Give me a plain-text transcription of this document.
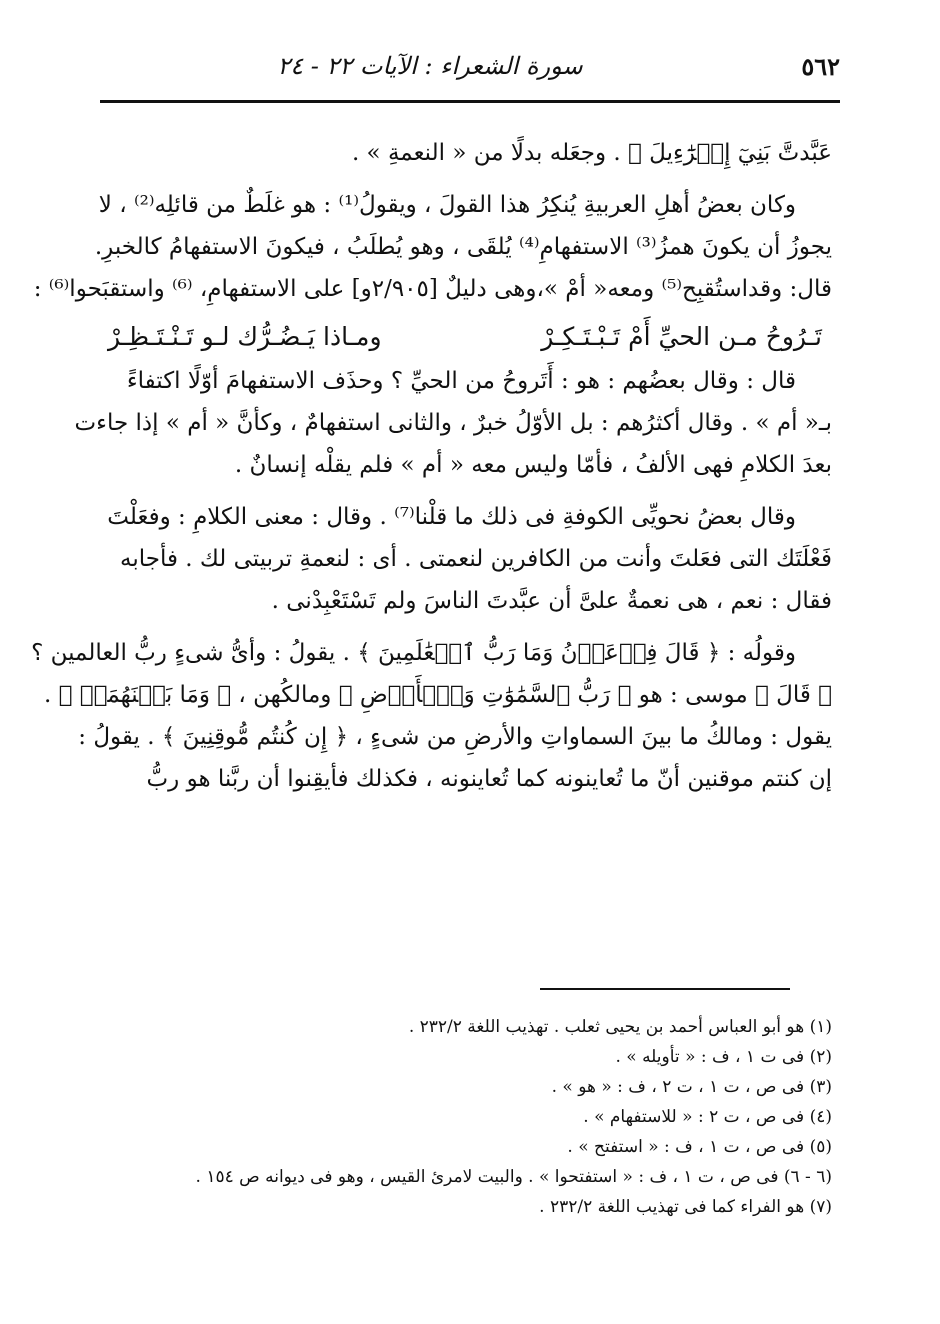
٥٦٢
سورة الشعراء : الآيات ٢٢ - ٢٤

عَبَّدتَّ بَنِيٓ إِسۡرَٰٓءِيلَ ﴾ . وجعَله بدلًا من « النعمةِ » .

وكان بعضُ أهلِ العربيةِ يُنكِرُ هذا القولَ ، ويقولُ⁽¹⁾ : هو غلَطٌ من قائلِه⁽²⁾ ، لا
يجوزُ أن يكونَ همزُ⁽³⁾ الاستفهامِ⁽⁴⁾ يُلقَى ، وهو يُطلَبُ ، فيكونَ الاستفهامُ كالخبرِ.
قال: وقداستُقبِح⁽⁵⁾ ومعه« أمْ »،وهى دليلٌ [٢/٩٠٥و] على الاستفهامِ، ⁽⁶⁾ واستقبَحوا⁽⁶⁾ :

تَـرُوحُ مـن الحيِّ أَمْ تَـبْـتَـكِـرْ
ومـاذا يَـضُـرُّك لـو تَـنْـتَـظِـرْ

قال : وقال بعضُهم : هو : أَتَروحُ من الحيِّ ؟ وحذَف الاستفهامَ أوّلًا اكتفاءً
بـ« أم » . وقال أكثرُهم : بل الأوّلُ خبرٌ ، والثانى استفهامٌ ، وكأنَّ « أم » إذا جاءت
بعدَ الكلامِ فهى الألفُ ، فأمّا وليس معه « أم » فلم يقلْه إنسانٌ .

وقال بعضُ نحويِّى الكوفةِ فى ذلك ما قلْنا⁽⁷⁾ . وقال : معنى الكلامِ : وفعَلْتَ
فَعْلَتَك التى فعَلتَ وأنت من الكافرين لنعمتى . أى : لنعمةِ تربيتى لك . فأجابه
فقال : نعم ، هى نعمةٌ علىَّ أن عبَّدتَ الناسَ ولم تَسْتَعْبِدْنى .

وقولُه : ﴿ قَالَ فِرۡعَوۡنُ وَمَا رَبُّ ٱلۡعَٰلَمِينَ ﴾ . يقولُ : وأىُّ شىءٍ ربُّ العالمين ؟
﴿ قَالَ ﴾ موسى : هو ﴿ رَبُّ ٱلسَّمَٰوَٰتِ وَٱلۡأَرۡضِ ﴾ ومالكُهن ، ﴿ وَمَا بَيۡنَهُمَآۖ ﴾ .
يقول : ومالكُ ما بينَ السماواتِ والأرضِ من شىءٍ ، ﴿ إِن كُنتُم مُّوقِنِينَ ﴾ . يقولُ :
إن كنتم موقنين أنّ ما تُعاينونه كما تُعاينونه ، فكذلك فأيقِنوا أن ربَّنا هو ربُّ

(١) هو أبو العباس أحمد بن يحيى ثعلب . تهذيب اللغة ٢٣٢/٢ .
(٢) فى ت ١ ، ف : « تأويله » .
(٣) فى ص ، ت ١ ، ت ٢ ، ف : « هو » .
(٤) فى ص ، ت ٢ : « للاستفهام » .
(٥) فى ص ، ت ١ ، ف : « استفتح » .
(٦ - ٦) فى ص ، ت ١ ، ف : « استفتحوا » . والبيت لامرئ القيس ، وهو فى ديوانه ص ١٥٤ .
(٧) هو الفراء كما فى تهذيب اللغة ٢٣٢/٢ .
